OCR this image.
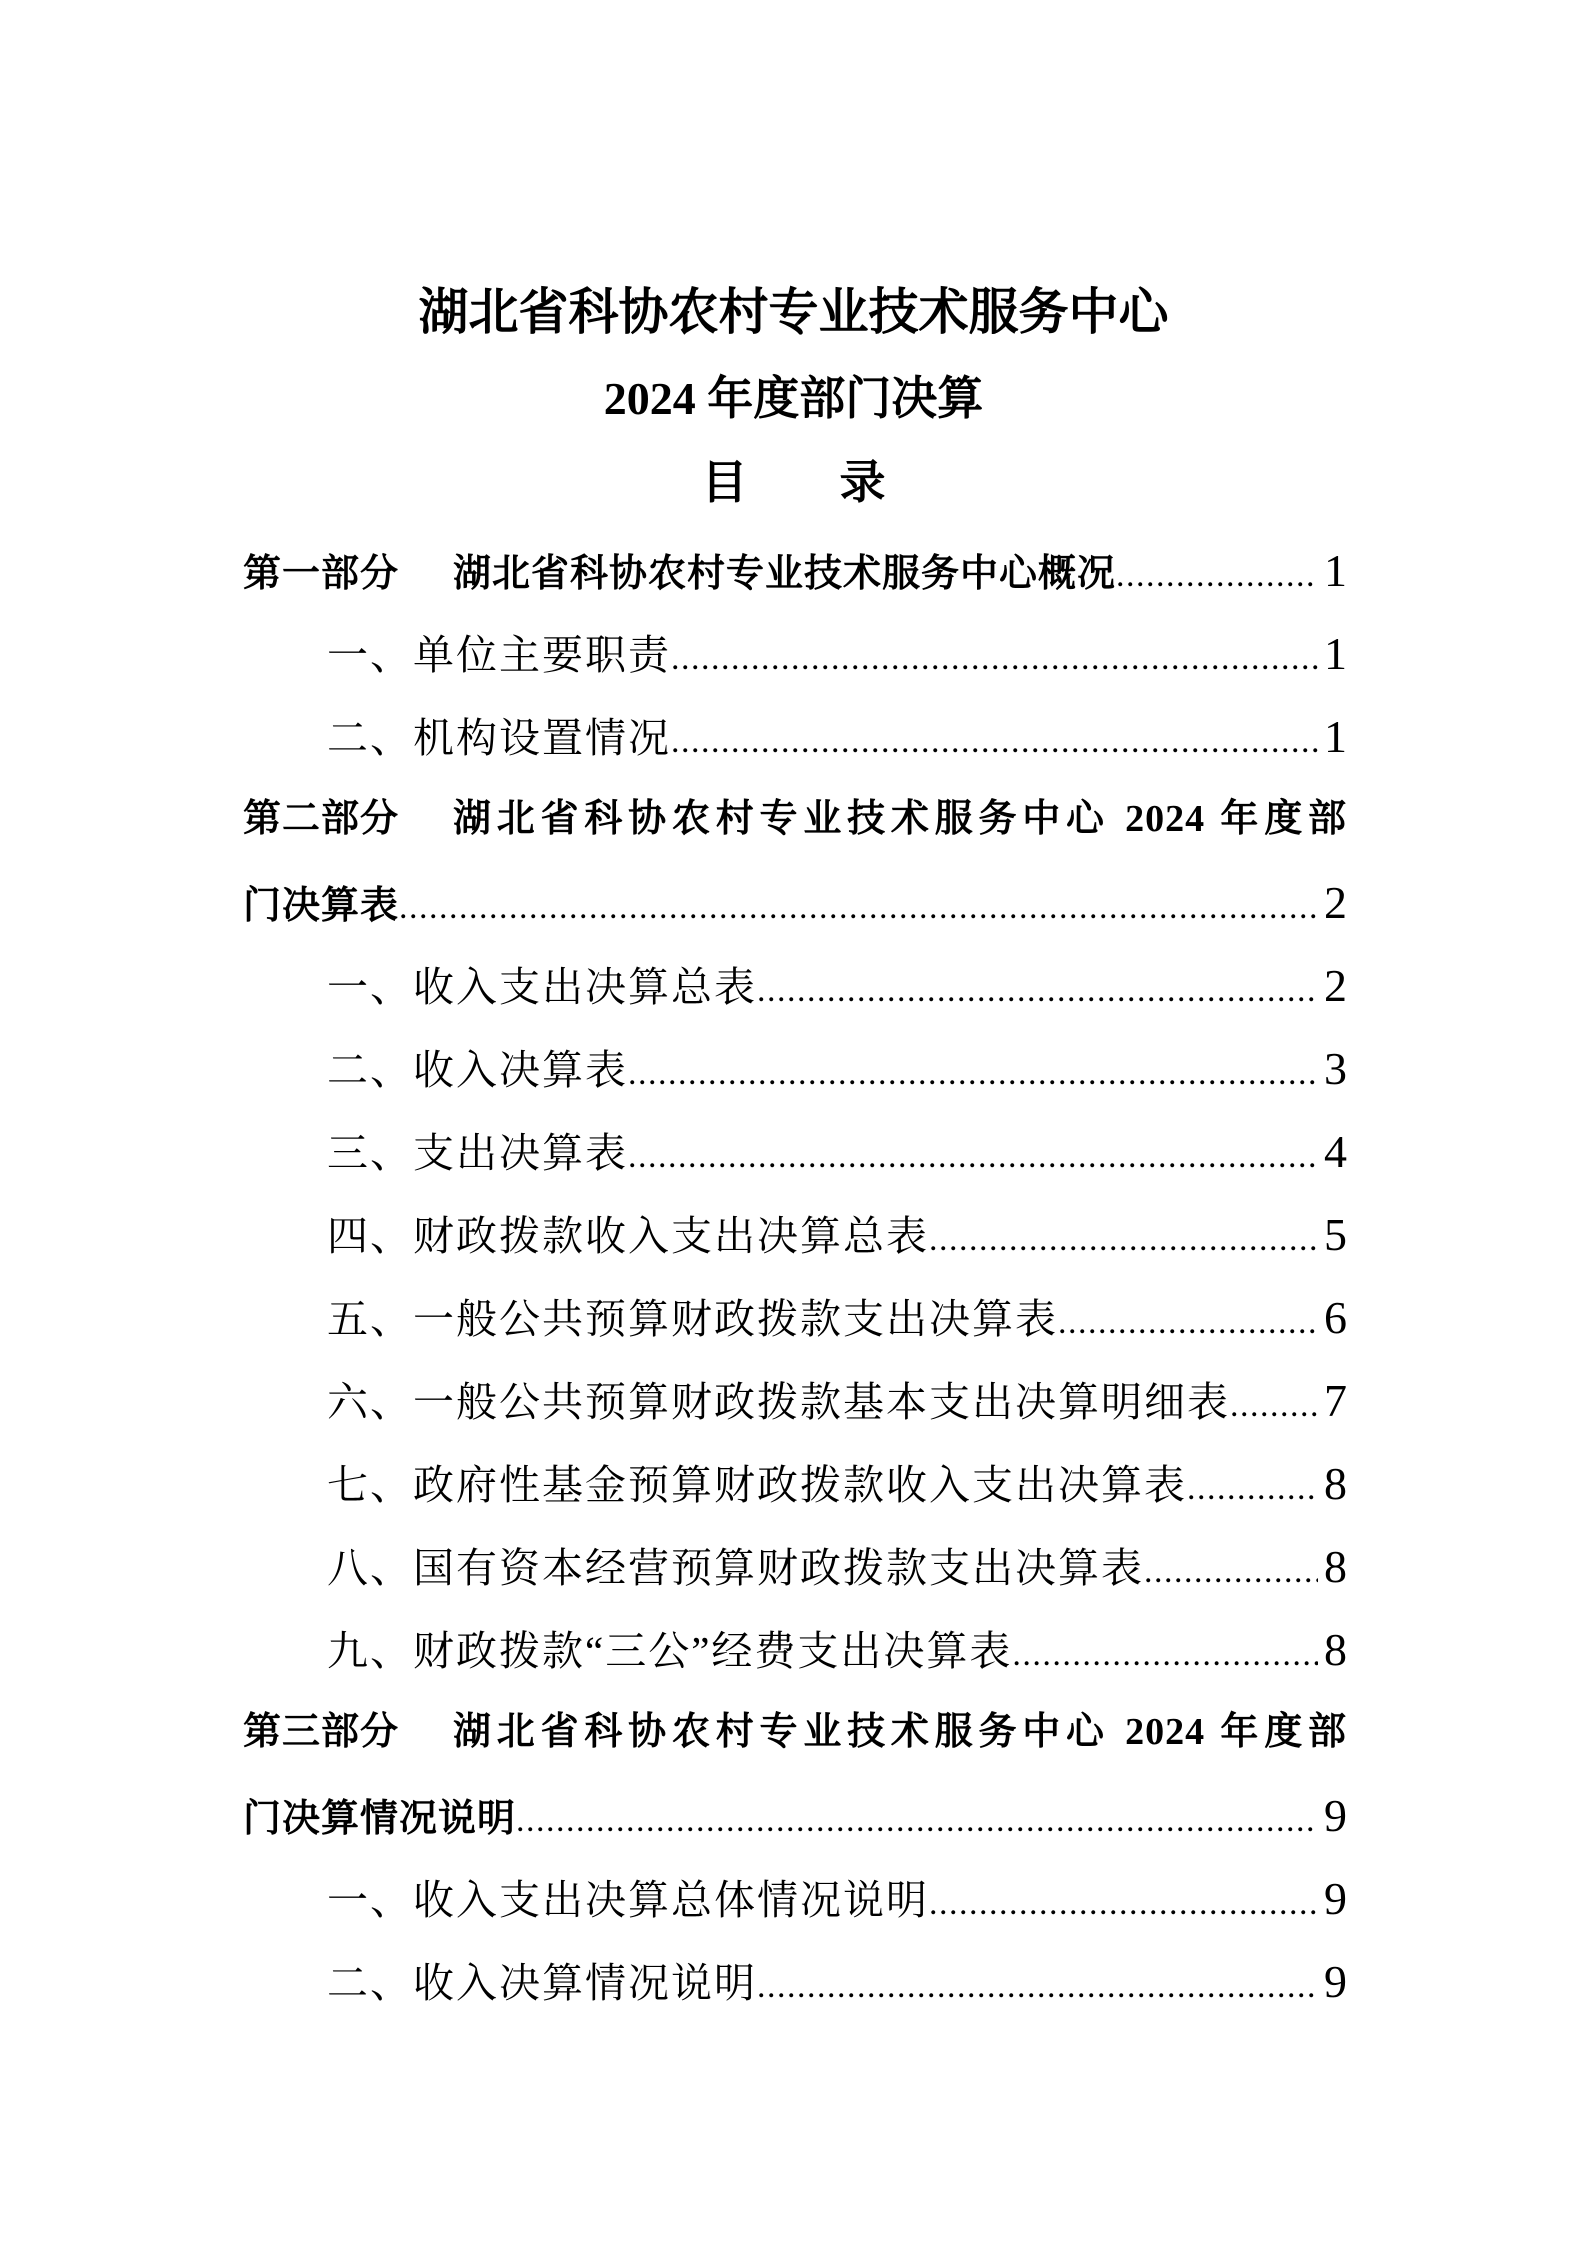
湖北省科协农村专业技术服务中心
2024 年度部门决算
目　　录
第一部分 湖北省科协农村专业技术服务中心概况 .....	1
一、单位主要职责 .....	1
二、机构设置情况 .....	1
第二部分 湖北省科协农村专业技术服务中心 2024 年度部
门决算表 .....	2
一、收入支出决算总表 .....	2
二、收入决算表 .....	3
三、支出决算表 .....	4
四、财政拨款收入支出决算总表 .....	5
五、一般公共预算财政拨款支出决算表 .....	6
六、一般公共预算财政拨款基本支出决算明细表 ..... 7
七、政府性基金预算财政拨款收入支出决算表 .....	8
八、国有资本经营预算财政拨款支出决算表 .....	8
九、财政拨款“三公”经费支出决算表 .....	8
第三部分 湖北省科协农村专业技术服务中心 2024 年度部
门决算情况说明 .....	9
一、收入支出决算总体情况说明 .....	9
二、收入决算情况说明 .....	9
